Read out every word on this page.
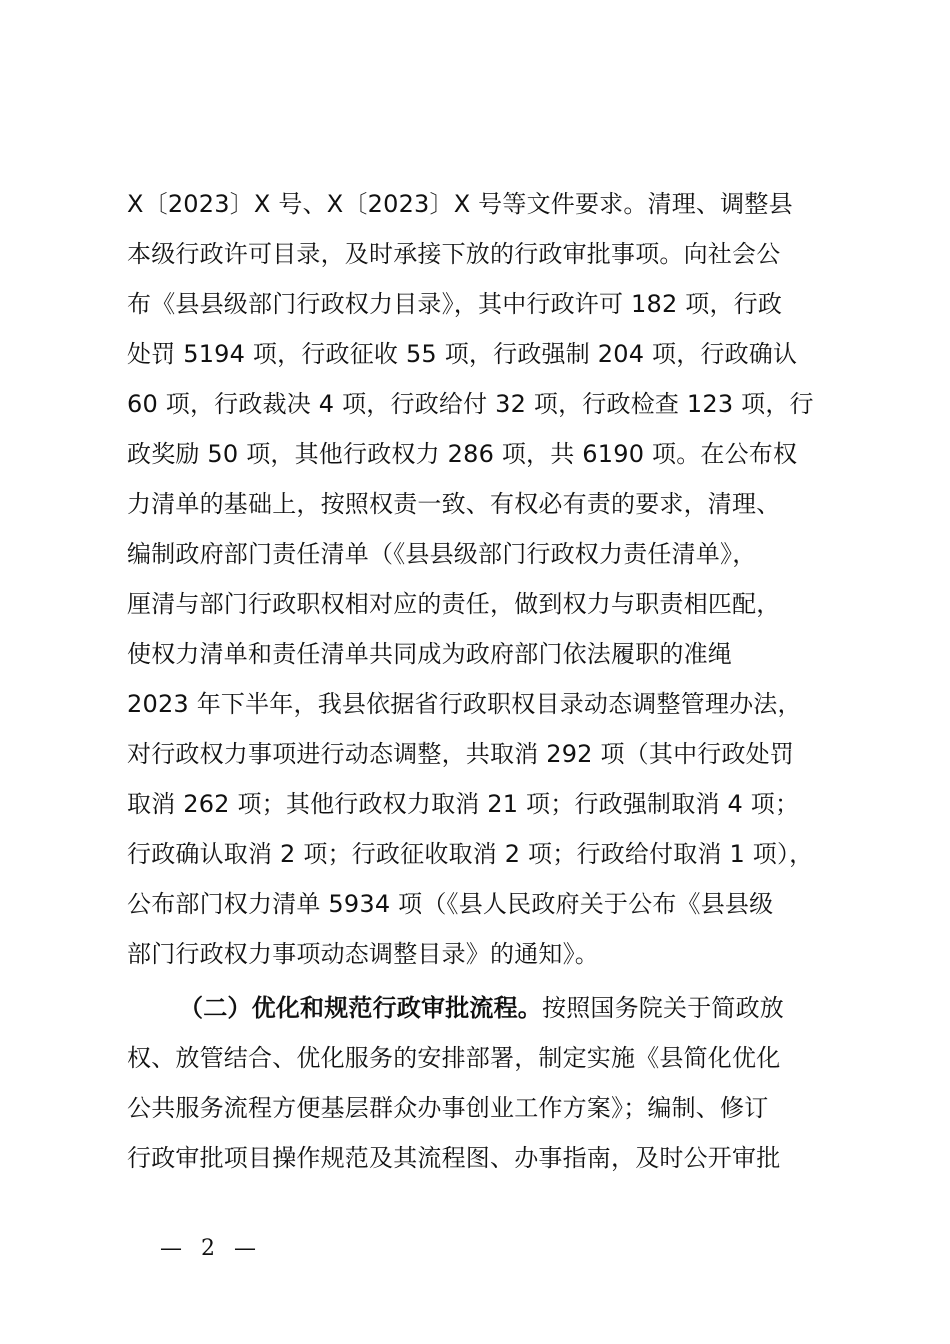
X〔2023〕X 号、X〔2023〕X 号等文件要求。清理、调整县
本级行政许可目录，及时承接下放的行政审批事项。向社会公
布《县县级部门行政权力目录》，其中行政许可 182 项，行政
处罚 5194 项，行政征收 55 项，行政强制 204 项，行政确认
60 项，行政裁决 4 项，行政给付 32 项，行政检查 123 项，行
政奖励 50 项，其他行政权力 286 项，共 6190 项。在公布权
力清单的基础上，按照权责一致、有权必有责的要求，清理、
编制政府部门责任清单（《县县级部门行政权力责任清单》，
厘清与部门行政职权相对应的责任，做到权力与职责相匹配，
使权力清单和责任清单共同成为政府部门依法履职的准绳
2023 年下半年，我县依据省行政职权目录动态调整管理办法，
对行政权力事项进行动态调整，共取消 292 项（其中行政处罚
取消 262 项；其他行政权力取消 21 项；行政强制取消 4 项；
行政确认取消 2 项；行政征收取消 2 项；行政给付取消 1 项），
公布部门权力清单 5934 项（《县人民政府关于公布《县县级
部门行政权力事项动态调整目录》的通知》。
（二）优化和规范行政审批流程。按照国务院关于简政放
权、放管结合、优化服务的安排部署，制定实施《县简化优化
公共服务流程方便基层群众办事创业工作方案》；编制、修订
行政审批项目操作规范及其流程图、办事指南，及时公开审批
— 2 —
